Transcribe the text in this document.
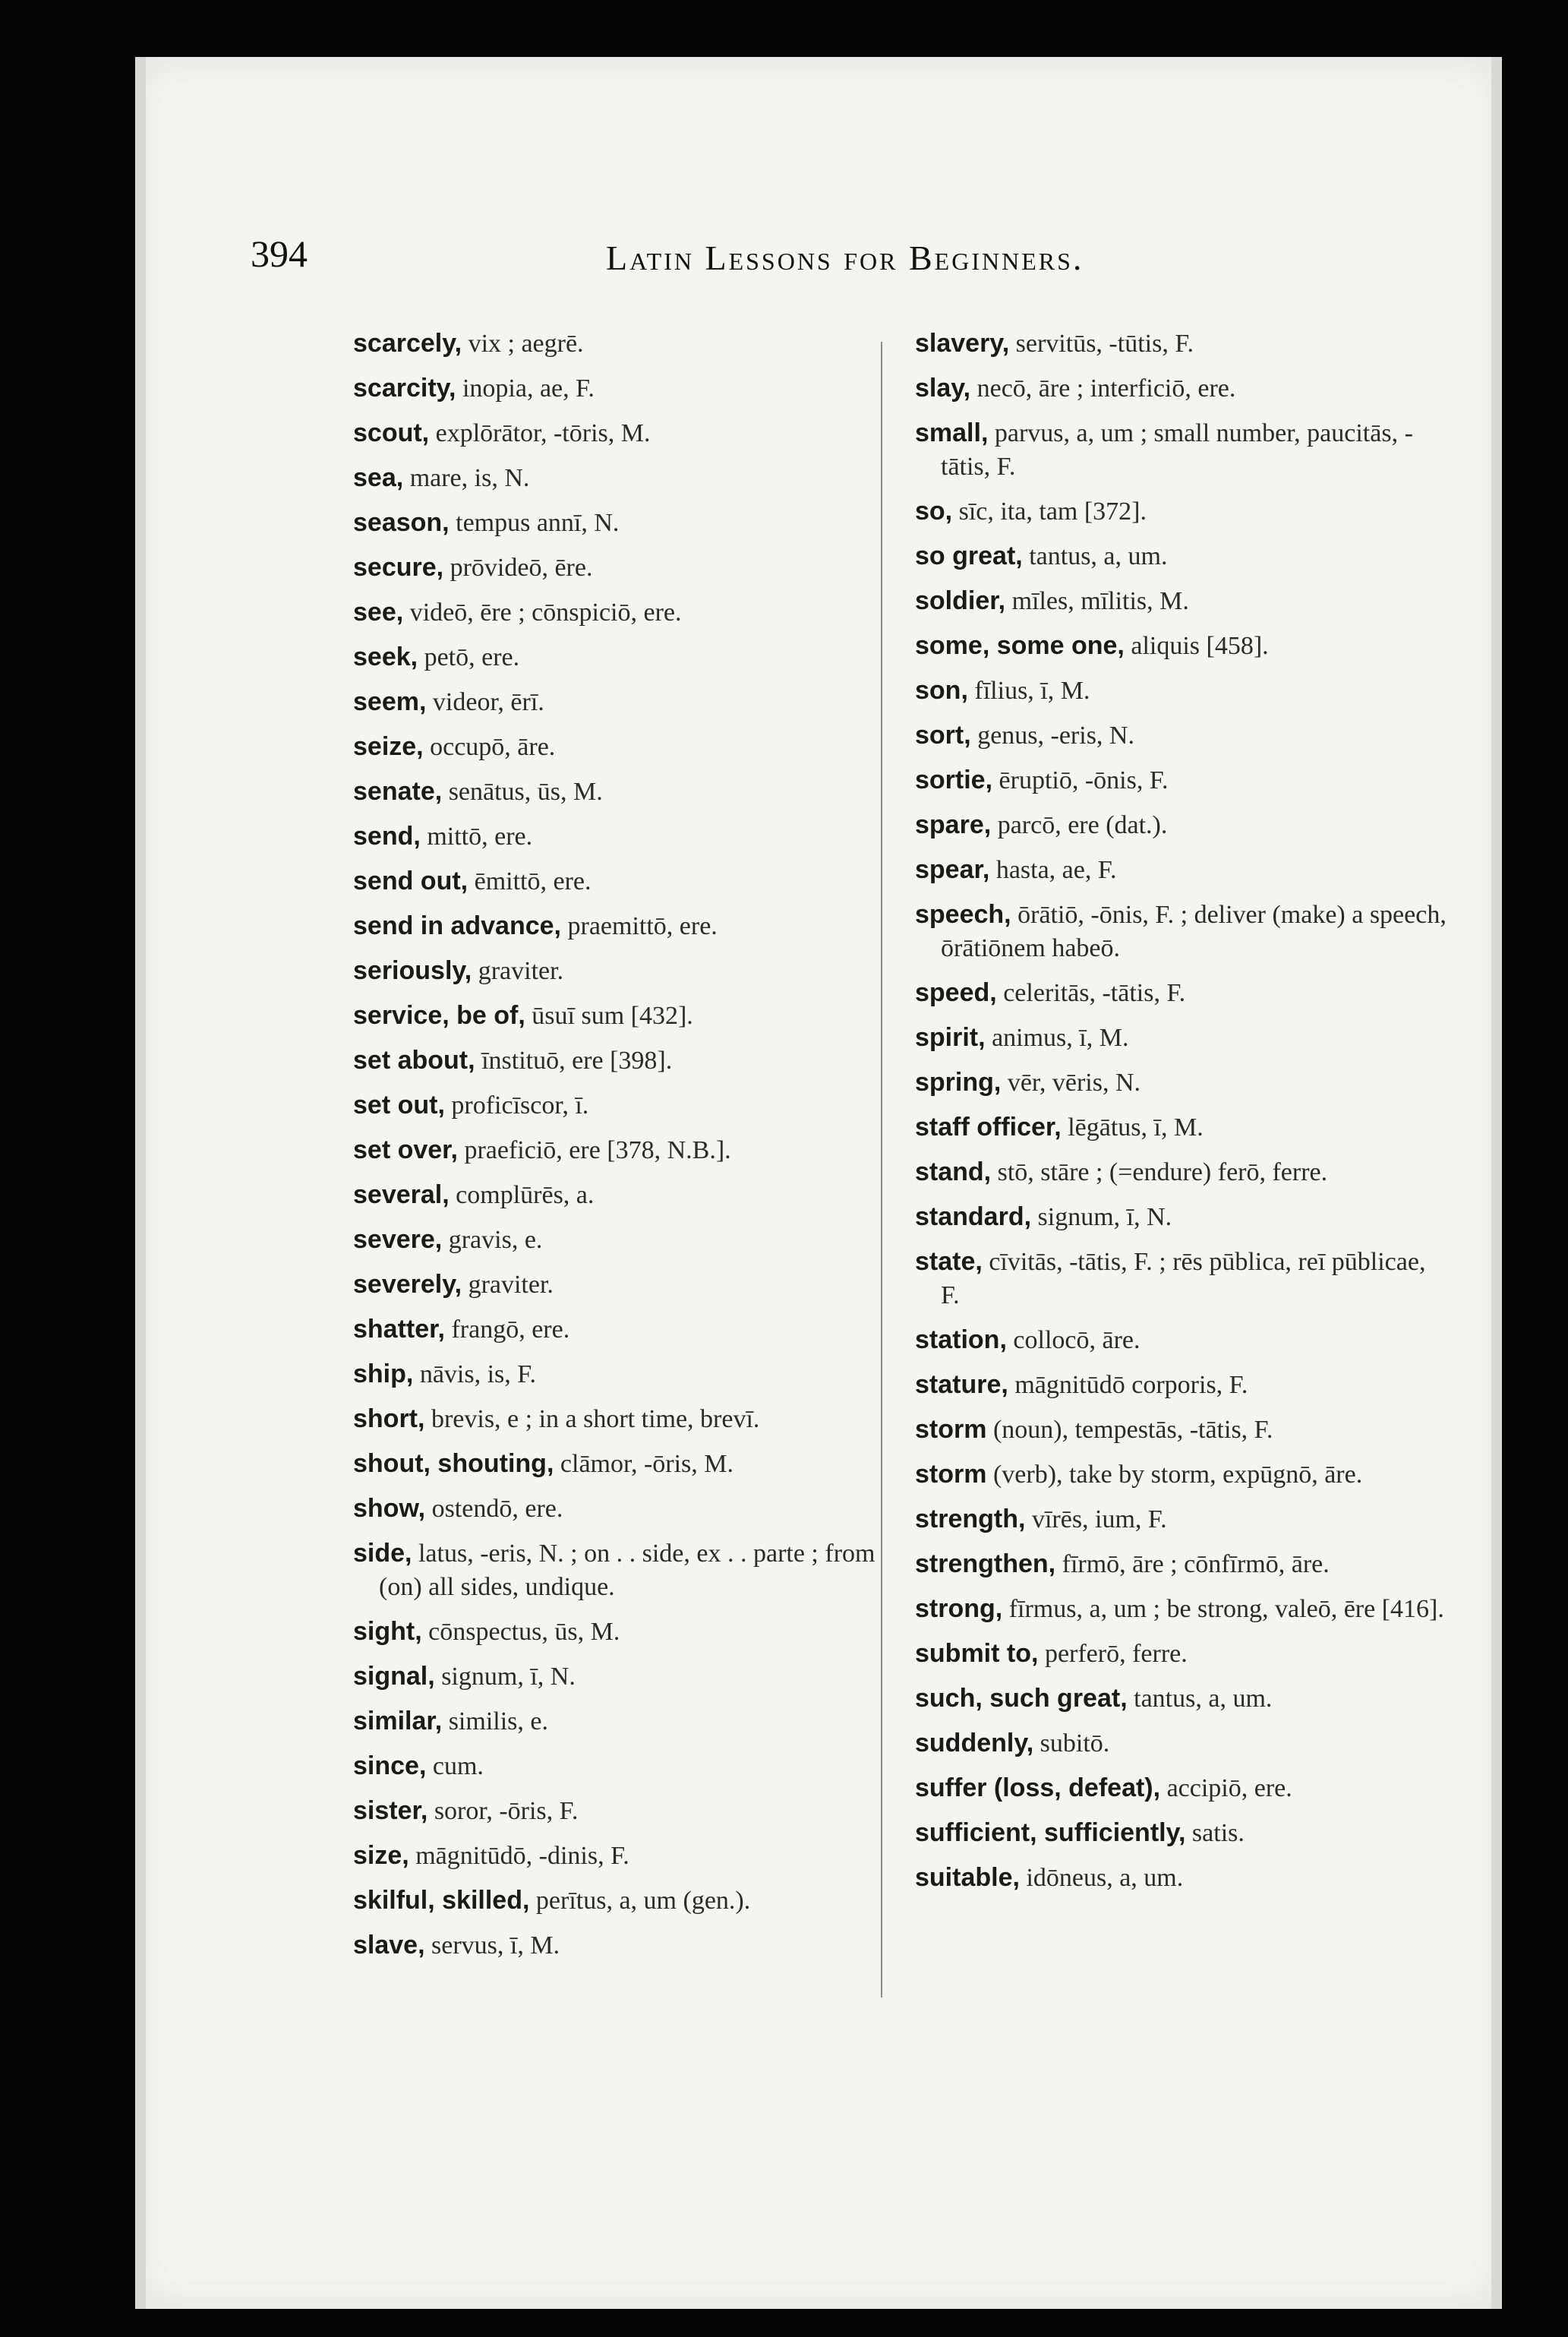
394	Latin Lessons for Beginners.

scarcely, vix ; aegrē.

scarcity, inopia, ae, F.

scout, explōrātor, -tōris, M.

sea, mare, is, N.

season, tempus annī, N.

secure, prōvideō, ēre.

see, videō, ēre ; cōnspiciō, ere.

seek, petō, ere.

seem, videor, ērī.

seize, occupō, āre.

senate, senātus, ūs, M.

send, mittō, ere.

send out, ēmittō, ere.

send in advance, praemittō, ere.

seriously, graviter.

service, be of, ūsuī sum [432].

set about, īnstituō, ere [398].

set out, proficīscor, ī.

set over, praeficiō, ere [378, N.B.].

several, complūrēs, a.

severe, gravis, e.

severely, graviter.

shatter, frangō, ere.

ship, nāvis, is, F.

short, brevis, e ; in a short time, brevī.

shout, shouting, clāmor, -ōris, M.

show, ostendō, ere.

side, latus, -eris, N. ; on . . side, ex . . parte ; from (on) all sides, undique.

sight, cōnspectus, ūs, M.

signal, signum, ī, N.

similar, similis, e.

since, cum.

sister, soror, -ōris, F.

size, māgnitūdō, -dinis, F.

skilful, skilled, perītus, a, um (gen.).

slave, servus, ī, M.

slavery, servitūs, -tūtis, F.

slay, necō, āre ; interficiō, ere.

small, parvus, a, um ; small number, paucitās, -tātis, F.

so, sīc, ita, tam [372].

so great, tantus, a, um.

soldier, mīles, mīlitis, M.

some, some one, aliquis [458].

son, fīlius, ī, M.

sort, genus, -eris, N.

sortie, ēruptiō, -ōnis, F.

spare, parcō, ere (dat.).

spear, hasta, ae, F.

speech, ōrātiō, -ōnis, F. ; deliver (make) a speech, ōrātiōnem habeō.

speed, celeritās, -tātis, F.

spirit, animus, ī, M.

spring, vēr, vēris, N.

staff officer, lēgātus, ī, M.

stand, stō, stāre ; (=endure) ferō, ferre.

standard, signum, ī, N.

state, cīvitās, -tātis, F. ; rēs pūblica, reī pūblicae, F.

station, collocō, āre.

stature, māgnitūdō corporis, F.

storm (noun), tempestās, -tātis, F.

storm (verb), take by storm, expūgnō, āre.

strength, vīrēs, ium, F.

strengthen, fīrmō, āre ; cōnfīrmō, āre.

strong, fīrmus, a, um ; be strong, valeō, ēre [416].

submit to, perferō, ferre.

such, such great, tantus, a, um.

suddenly, subitō.

suffer (loss, defeat), accipiō, ere.

sufficient, sufficiently, satis.

suitable, idōneus, a, um.
